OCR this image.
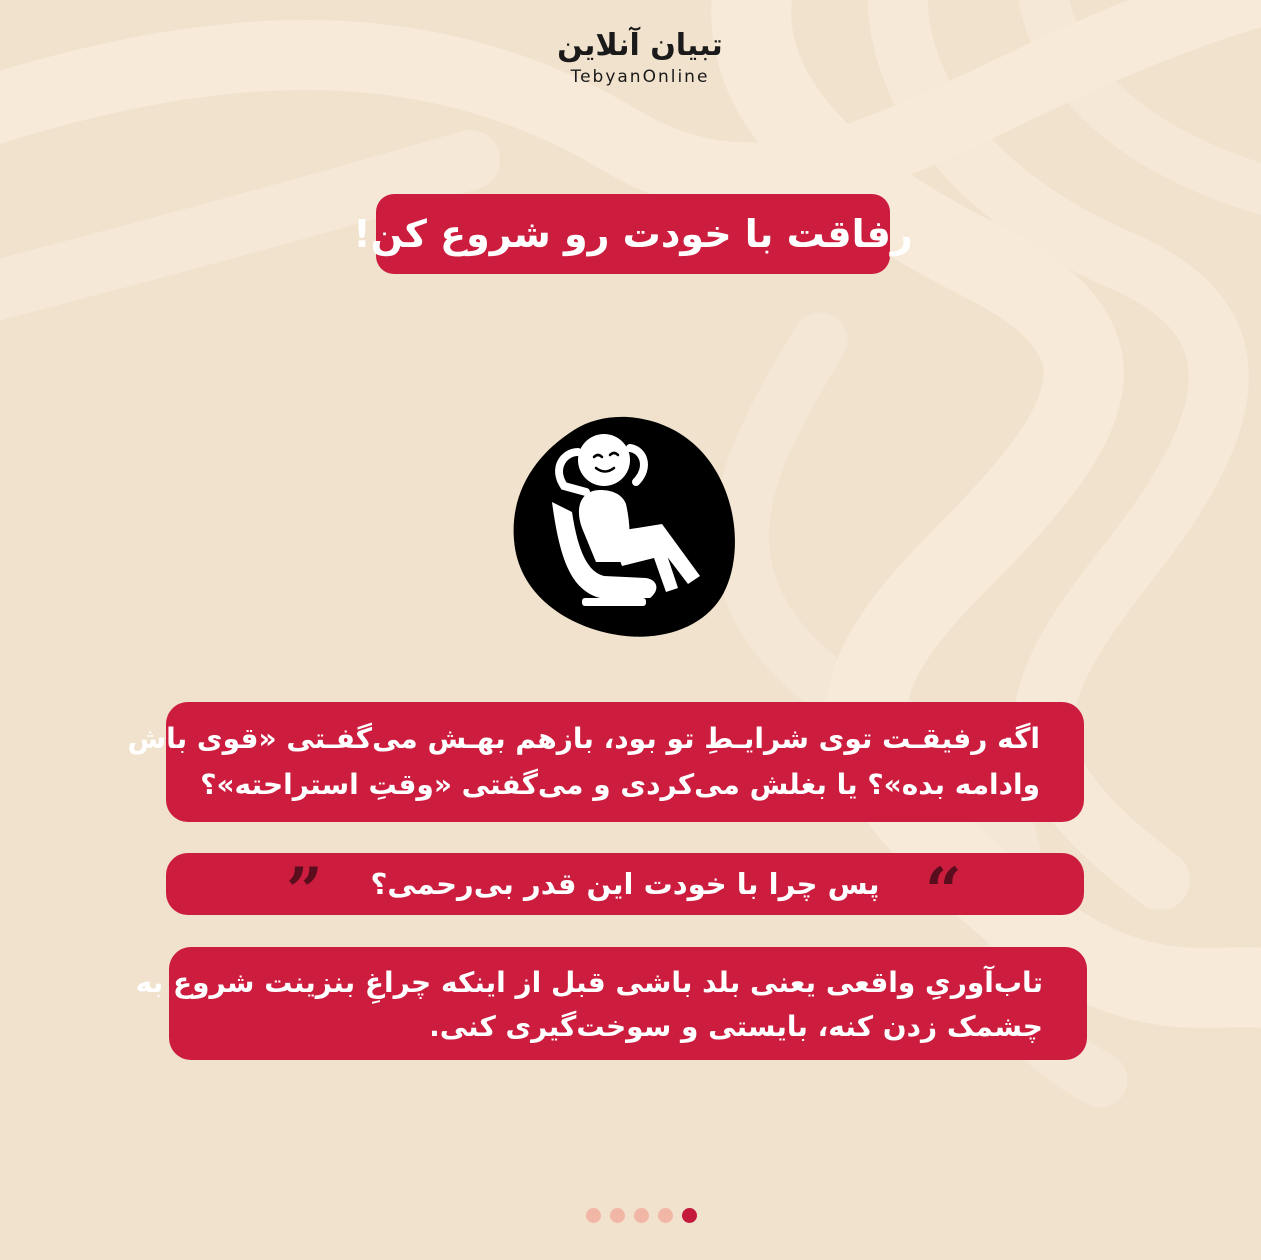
تبیان آنلاین
TebyanOnline
رفاقت با خودت رو شروع کن!

اگه رفیقـت توی شرایـطِ تو بود، بازهم بهـش می‌گفـتی «قوی باش

وادامه بده»؟ یا بغلش می‌کردی و می‌گفتی «وقتِ استراحته»؟

پس چرا با خودت این قدر بی‌رحمی؟ “
”

تاب‌آوریِ واقعی یعنی بلد باشی قبل از اینکه چراغِ بنزینت شروع به

چشمک زدن کنه، بایستی و سوخت‌گیری کنی.
